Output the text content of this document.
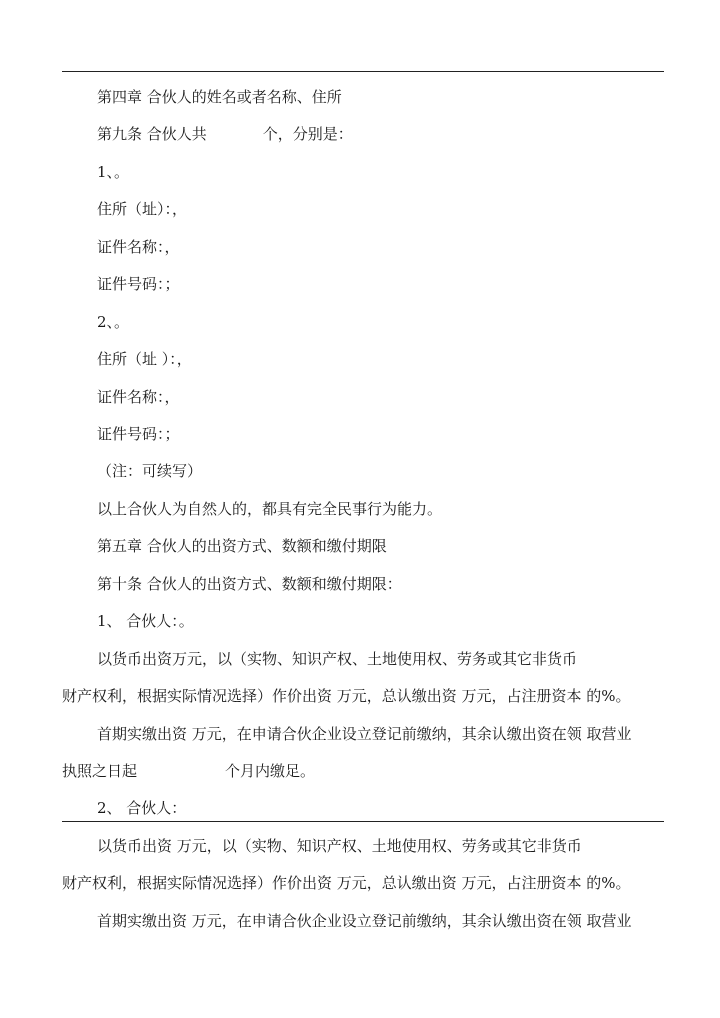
第四章 合伙人的姓名或者名称、住所
第九条 合伙人共	个，分别是：
1、。
住所（址）：，
证件名称：，
证件号码：；
2、。
住所（址 ）：，
证件名称：，
证件号码：；
（注：可续写）
以上合伙人为自然人的，都具有完全民事行为能力。
第五章 合伙人的出资方式、数额和缴付期限
第十条 合伙人的出资方式、数额和缴付期限：
1、 合伙人：。
以货币出资万元，以（实物、知识产权、土地使用权、劳务或其它非货币
财产权利，根据实际情况选择）作价出资 万元，总认缴出资 万元，占注册资本 的%。
首期实缴出资 万元，在申请合伙企业设立登记前缴纳，其余认缴出资在领 取营业
执照之日起	个月内缴足。
2、 合伙人：
以货币出资 万元，以（实物、知识产权、土地使用权、劳务或其它非货币
财产权利，根据实际情况选择）作价出资 万元，总认缴出资 万元，占注册资本 的%。
首期实缴出资 万元，在申请合伙企业设立登记前缴纳，其余认缴出资在领 取营业
